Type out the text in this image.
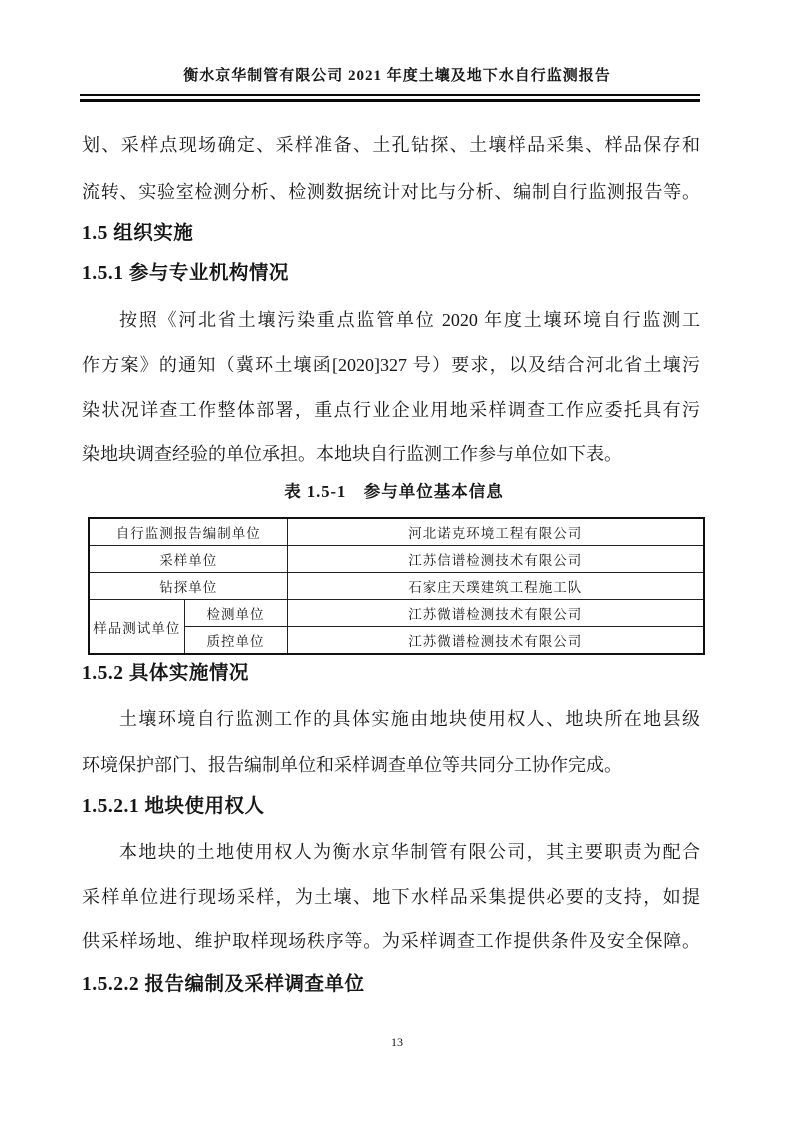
衡水京华制管有限公司 2021 年度土壤及地下水自行监测报告
划、采样点现场确定、采样准备、土孔钻探、土壤样品采集、样品保存和
流转、实验室检测分析、检测数据统计对比与分析、编制自行监测报告等。
1.5 组织实施
1.5.1 参与专业机构情况
按照《河北省土壤污染重点监管单位 2020 年度土壤环境自行监测工
作方案》的通知（冀环土壤函[2020]327 号）要求，以及结合河北省土壤污
染状况详查工作整体部署，重点行业企业用地采样调查工作应委托具有污
染地块调查经验的单位承担。本地块自行监测工作参与单位如下表。
表 1.5-1　参与单位基本信息
自行监测报告编制单位		河北诺克环境工程有限公司
采样单位		江苏信谱检测技术有限公司
钻探单位		石家庄天璞建筑工程施工队
样品测试单位	检测单位	江苏微谱检测技术有限公司
	质控单位	江苏微谱检测技术有限公司
1.5.2 具体实施情况
土壤环境自行监测工作的具体实施由地块使用权人、地块所在地县级
环境保护部门、报告编制单位和采样调查单位等共同分工协作完成。
1.5.2.1 地块使用权人
本地块的土地使用权人为衡水京华制管有限公司，其主要职责为配合
采样单位进行现场采样，为土壤、地下水样品采集提供必要的支持，如提
供采样场地、维护取样现场秩序等。为采样调查工作提供条件及安全保障。
1.5.2.2 报告编制及采样调查单位
13
